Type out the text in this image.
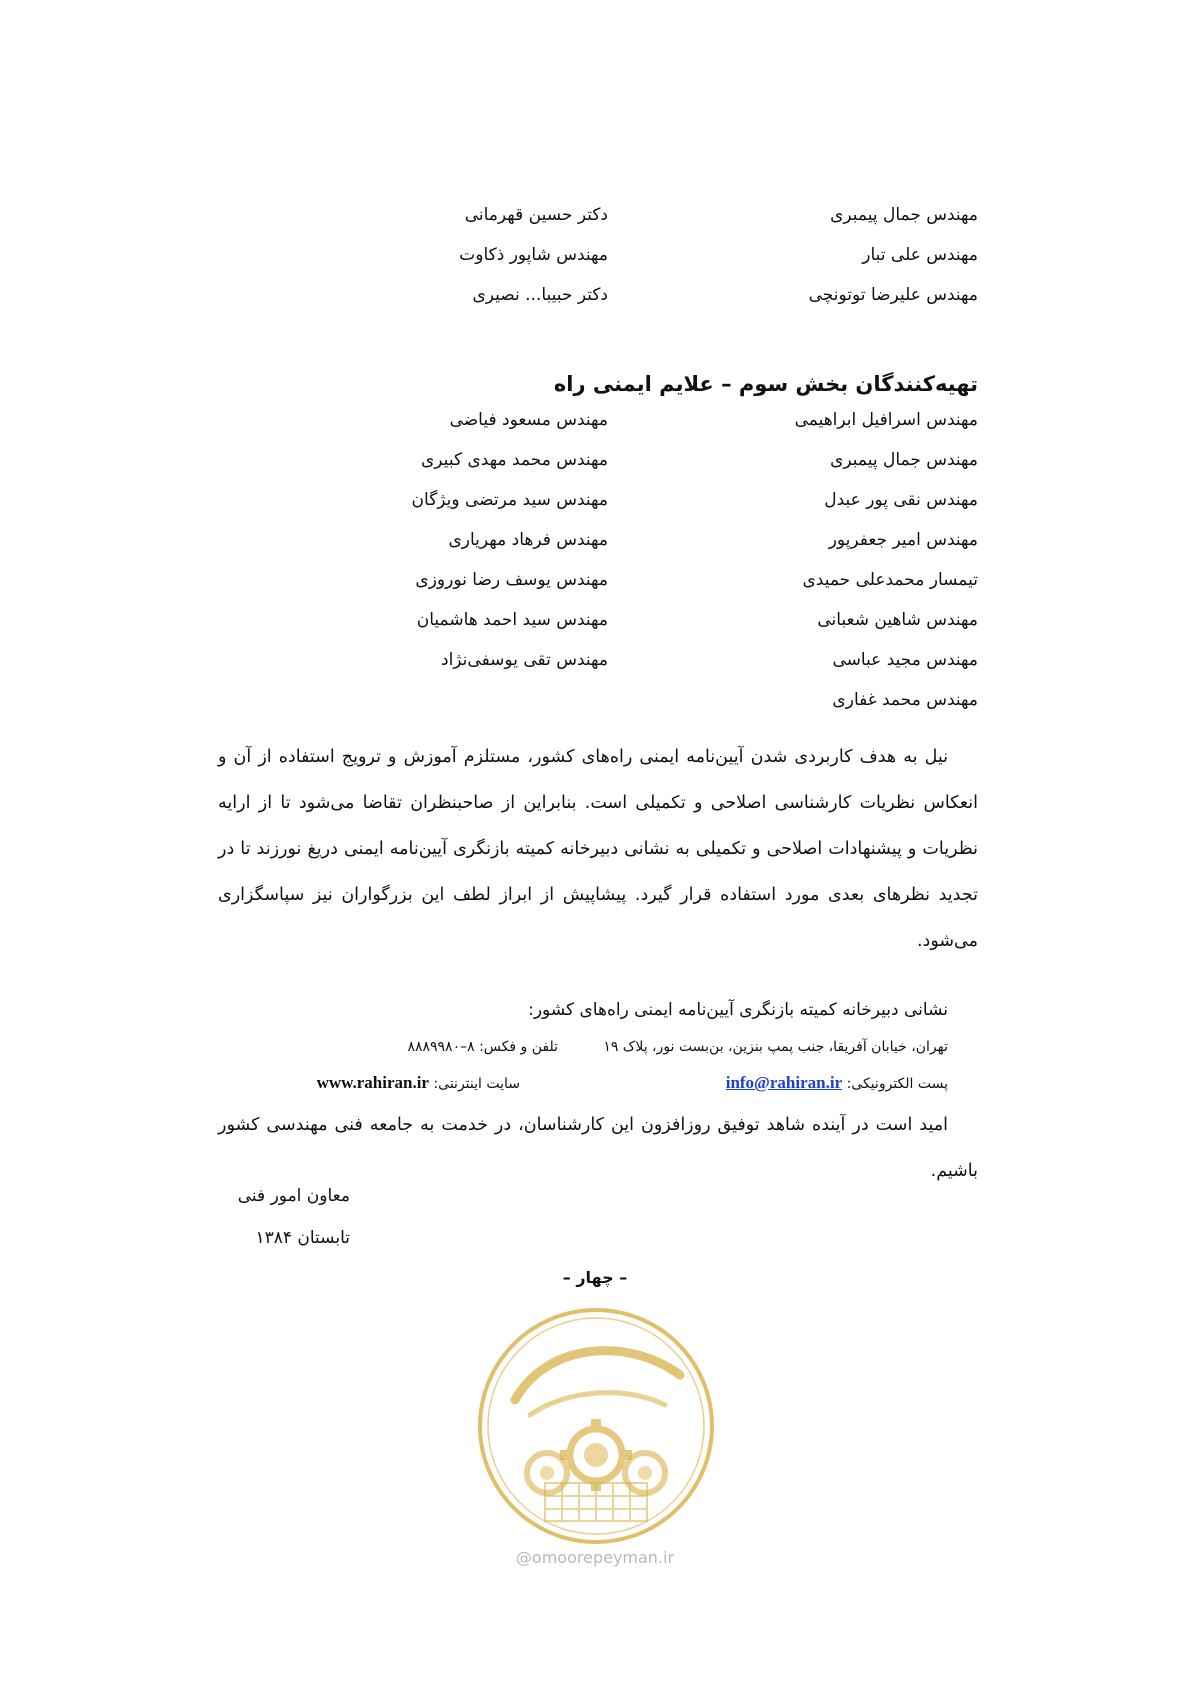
مهندس جمال پیمبری
دکتر حسین قهرمانی
مهندس علی تبار
مهندس شاپور ذکاوت
مهندس علیرضا توتونچی
دکتر حبیبا... نصیری
تهیه‌کنندگان بخش سوم – علایم ایمنی راه
مهندس اسرافیل ابراهیمی
مهندس مسعود فیاضی
مهندس جمال پیمبری
مهندس محمد مهدی کبیری
مهندس نقی پور عبدل
مهندس سید مرتضی ویژگان
مهندس امیر جعفرپور
مهندس فرهاد مهریاری
تیمسار محمدعلی حمیدی
مهندس یوسف رضا نوروزی
مهندس شاهین شعبانی
مهندس سید احمد هاشمیان
مهندس مجید عباسی
مهندس تقی یوسفی‌نژاد
مهندس محمد غفاری
نیل به هدف کاربردی شدن آیین‌نامه ایمنی راه‌های کشور، مستلزم آموزش و ترویج استفاده از آن و انعکاس نظریات کارشناسی اصلاحی و تکمیلی است. بنابراین از صاحبنظران تقاضا می‌شود تا از ارایه نظریات و پیشنهادات اصلاحی و تکمیلی به نشانی دبیرخانه کمیته بازنگری آیین‌نامه ایمنی دریغ نورزند تا در تجدید نظرهای بعدی مورد استفاده قرار گیرد. پیشاپیش از ابراز لطف این بزرگواران نیز سپاسگزاری می‌شود.
نشانی دبیرخانه کمیته بازنگری آیین‌نامه ایمنی راه‌های کشور:
تهران، خیابان آفریقا، جنب پمپ بنزین، بن‌بست نور، پلاک ۱۹
تلفن و فکس: ۸–۸۸۸۹۹۸۰
پست الکترونیکی: info@rahiran.ir
سایت اینترنتی: www.rahiran.ir
امید است در آینده شاهد توفیق روزافزون این کارشناسان، در خدمت به جامعه فنی مهندسی کشور باشیم.
معاون امور فنی
تابستان ۱۳۸۴
– چهار –
@omoorepeyman.ir
